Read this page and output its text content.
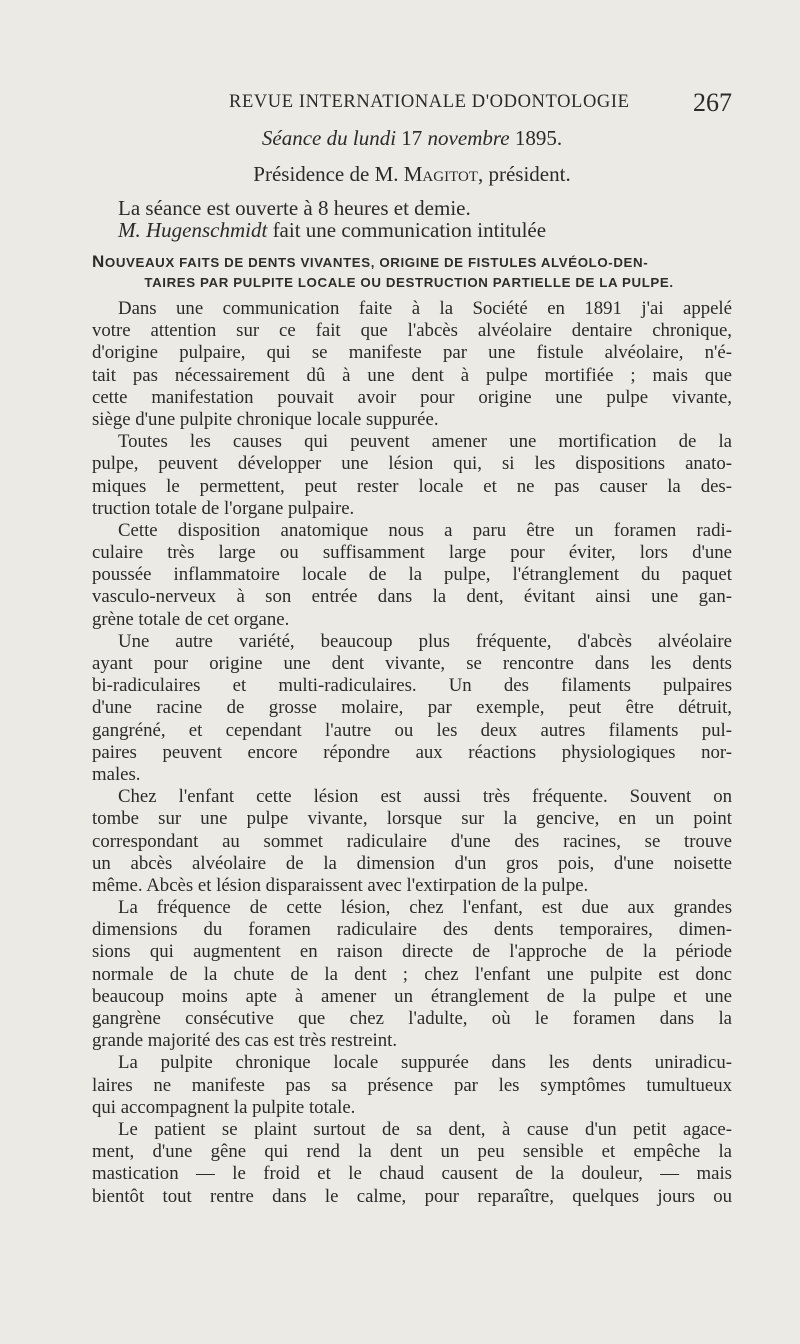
REVUE INTERNATIONALE D'ODONTOLOGIE 267
Séance du lundi 17 novembre 1895.
Présidence de M. Magitot, président.
La séance est ouverte à 8 heures et demie.
M. Hugenschmidt fait une communication intitulée
NOUVEAUX FAITS DE DENTS VIVANTES, ORIGINE DE FISTULES ALVÉOLO-DEN-
TAIRES PAR PULPITE LOCALE OU DESTRUCTION PARTIELLE DE LA PULPE.
Dans une communication faite à la Société en 1891 j'ai appelé
votre attention sur ce fait que l'abcès alvéolaire dentaire chronique,
d'origine pulpaire, qui se manifeste par une fistule alvéolaire, n'é-
tait pas nécessairement dû à une dent à pulpe mortifiée ; mais que
cette manifestation pouvait avoir pour origine une pulpe vivante,
siège d'une pulpite chronique locale suppurée.
Toutes les causes qui peuvent amener une mortification de la
pulpe, peuvent développer une lésion qui, si les dispositions anato-
miques le permettent, peut rester locale et ne pas causer la des-
truction totale de l'organe pulpaire.
Cette disposition anatomique nous a paru être un foramen radi-
culaire très large ou suffisamment large pour éviter, lors d'une
poussée inflammatoire locale de la pulpe, l'étranglement du paquet
vasculo-nerveux à son entrée dans la dent, évitant ainsi une gan-
grène totale de cet organe.
Une autre variété, beaucoup plus fréquente, d'abcès alvéolaire
ayant pour origine une dent vivante, se rencontre dans les dents
bi-radiculaires et multi-radiculaires. Un des filaments pulpaires
d'une racine de grosse molaire, par exemple, peut être détruit,
gangréné, et cependant l'autre ou les deux autres filaments pul-
paires peuvent encore répondre aux réactions physiologiques nor-
males.
Chez l'enfant cette lésion est aussi très fréquente. Souvent on
tombe sur une pulpe vivante, lorsque sur la gencive, en un point
correspondant au sommet radiculaire d'une des racines, se trouve
un abcès alvéolaire de la dimension d'un gros pois, d'une noisette
même. Abcès et lésion disparaissent avec l'extirpation de la pulpe.
La fréquence de cette lésion, chez l'enfant, est due aux grandes
dimensions du foramen radiculaire des dents temporaires, dimen-
sions qui augmentent en raison directe de l'approche de la période
normale de la chute de la dent ; chez l'enfant une pulpite est donc
beaucoup moins apte à amener un étranglement de la pulpe et une
gangrène consécutive que chez l'adulte, où le foramen dans la
grande majorité des cas est très restreint.
La pulpite chronique locale suppurée dans les dents uniradicu-
laires ne manifeste pas sa présence par les symptômes tumultueux
qui accompagnent la pulpite totale.
Le patient se plaint surtout de sa dent, à cause d'un petit agace-
ment, d'une gêne qui rend la dent un peu sensible et empêche la
mastication — le froid et le chaud causent de la douleur, — mais
bientôt tout rentre dans le calme, pour reparaître, quelques jours ou
